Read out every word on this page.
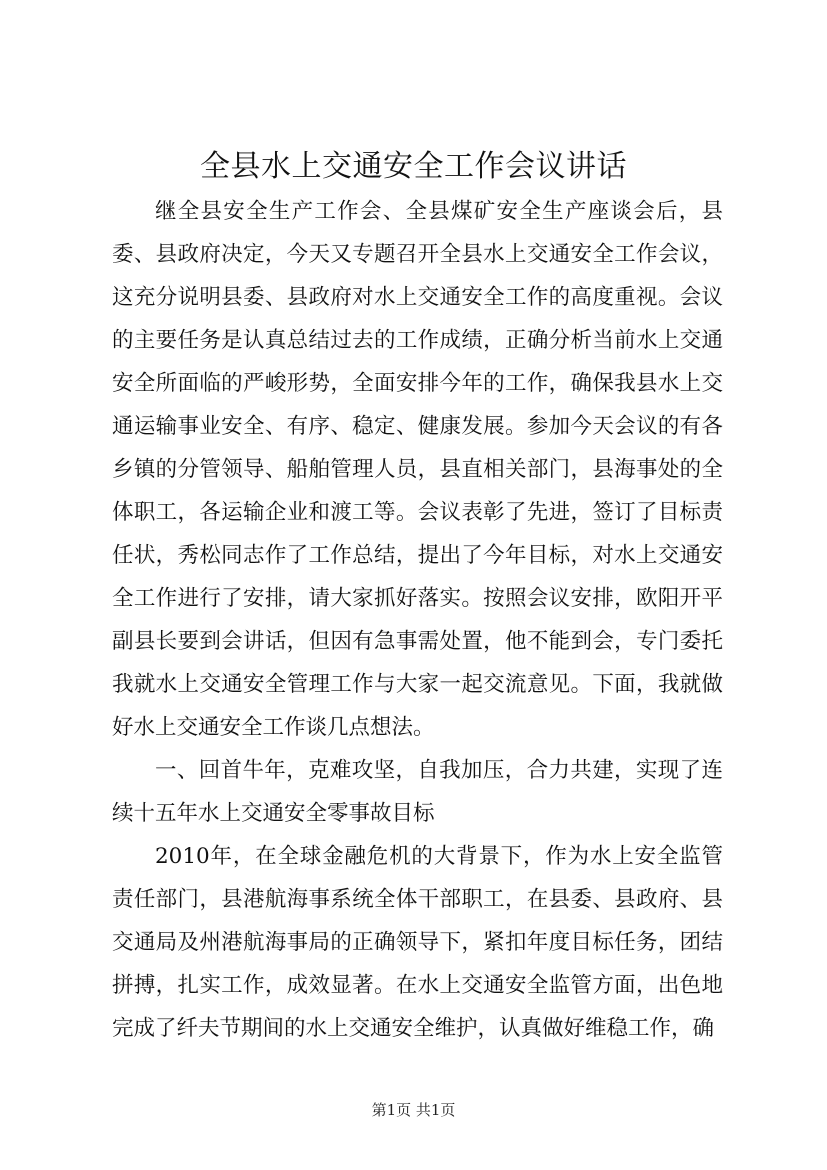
全县水上交通安全工作会议讲话

继全县安全生产工作会、全县煤矿安全生产座谈会后，县委、县政府决定，今天又专题召开全县水上交通安全工作会议，这充分说明县委、县政府对水上交通安全工作的高度重视。会议的主要任务是认真总结过去的工作成绩，正确分析当前水上交通安全所面临的严峻形势，全面安排今年的工作，确保我县水上交通运输事业安全、有序、稳定、健康发展。参加今天会议的有各乡镇的分管领导、船舶管理人员，县直相关部门，县海事处的全体职工，各运输企业和渡工等。会议表彰了先进，签订了目标责任状，秀松同志作了工作总结，提出了今年目标，对水上交通安全工作进行了安排，请大家抓好落实。按照会议安排，欧阳开平副县长要到会讲话，但因有急事需处置，他不能到会，专门委托我就水上交通安全管理工作与大家一起交流意见。下面，我就做好水上交通安全工作谈几点想法。

一、回首牛年，克难攻坚，自我加压，合力共建，实现了连续十五年水上交通安全零事故目标

2010年，在全球金融危机的大背景下，作为水上安全监管责任部门，县港航海事系统全体干部职工，在县委、县政府、县交通局及州港航海事局的正确领导下，紧扣年度目标任务，团结拼搏，扎实工作，成效显著。在水上交通安全监管方面，出色地完成了纤夫节期间的水上交通安全维护，认真做好维稳工作，确

第1页 共1页
